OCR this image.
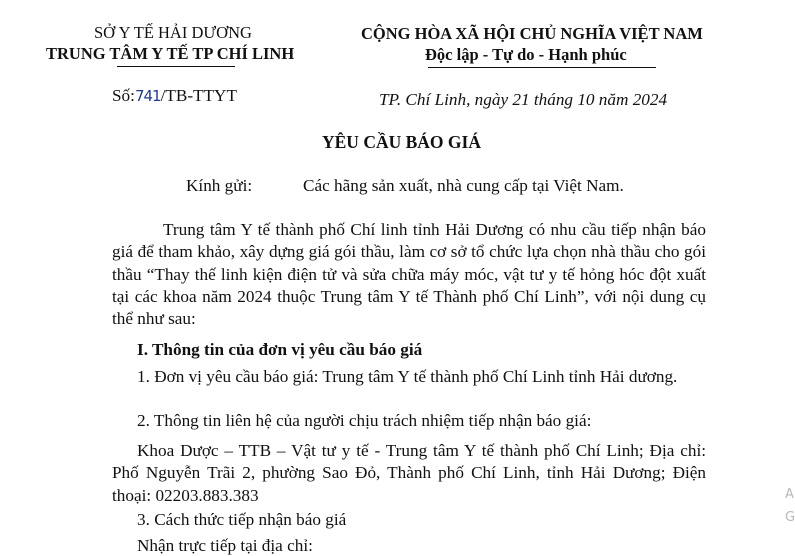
SỞ Y TẾ HẢI DƯƠNG
TRUNG TÂM Y TẾ TP CHÍ LINH
CỘNG HÒA XÃ HỘI CHỦ NGHĨA VIỆT NAM
Độc lập - Tự do - Hạnh phúc
Số:741/TB-TTYT	TP. Chí Linh, ngày 21 tháng 10 năm 2024
YÊU CẦU BÁO GIÁ
Kính gửi:	Các hãng sản xuất, nhà cung cấp tại Việt Nam.
Trung tâm Y tế thành phố Chí linh tỉnh Hải Dương có nhu cầu tiếp nhận báo giá để tham khảo, xây dựng giá gói thầu, làm cơ sở tổ chức lựa chọn nhà thầu cho gói thầu “Thay thế linh kiện điện tử và sửa chữa máy móc, vật tư y tế hỏng hóc đột xuất tại các khoa năm 2024 thuộc Trung tâm Y tế Thành phố Chí Linh”, với nội dung cụ thể như sau:
I. Thông tin của đơn vị yêu cầu báo giá
1. Đơn vị yêu cầu báo giá: Trung tâm Y tế thành phố Chí Linh tỉnh Hải dương.
2. Thông tin liên hệ của người chịu trách nhiệm tiếp nhận báo giá:
Khoa Dược – TTB – Vật tư y tế - Trung tâm Y tế thành phố Chí Linh; Địa chỉ: Phố Nguyễn Trãi 2, phường Sao Đỏ, Thành phố Chí Linh, tỉnh Hải Dương; Điện thoại: 02203.883.383
3. Cách thức tiếp nhận báo giá
Nhận trực tiếp tại địa chỉ:
A
G
